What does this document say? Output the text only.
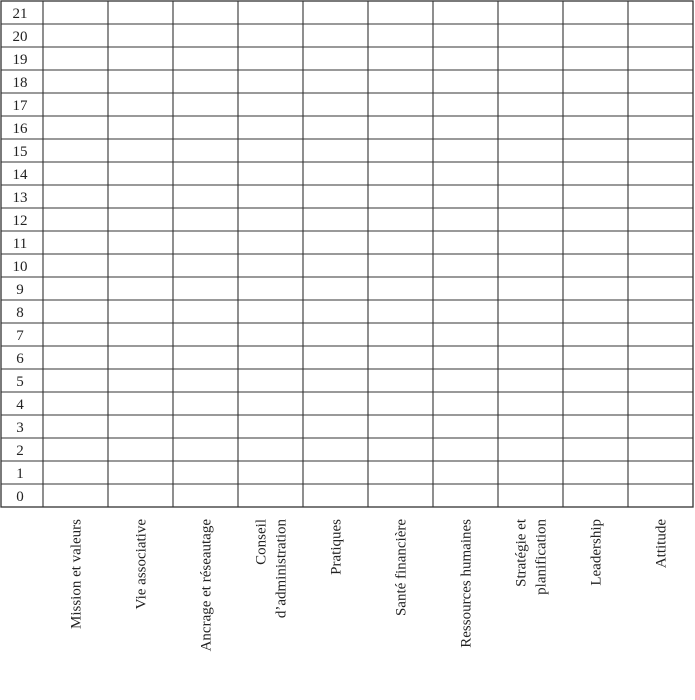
21
20
19
18
17
16
15
14
13
12
11
10
9
8
7
6
5
4
3
2
1
0
Mission et valeurs	Vie associative	Ancrage et réseautage	Conseil d’administration	Pratiques	Santé financière	Ressources humaines	Stratégie et planification	Leadership	Attitude
